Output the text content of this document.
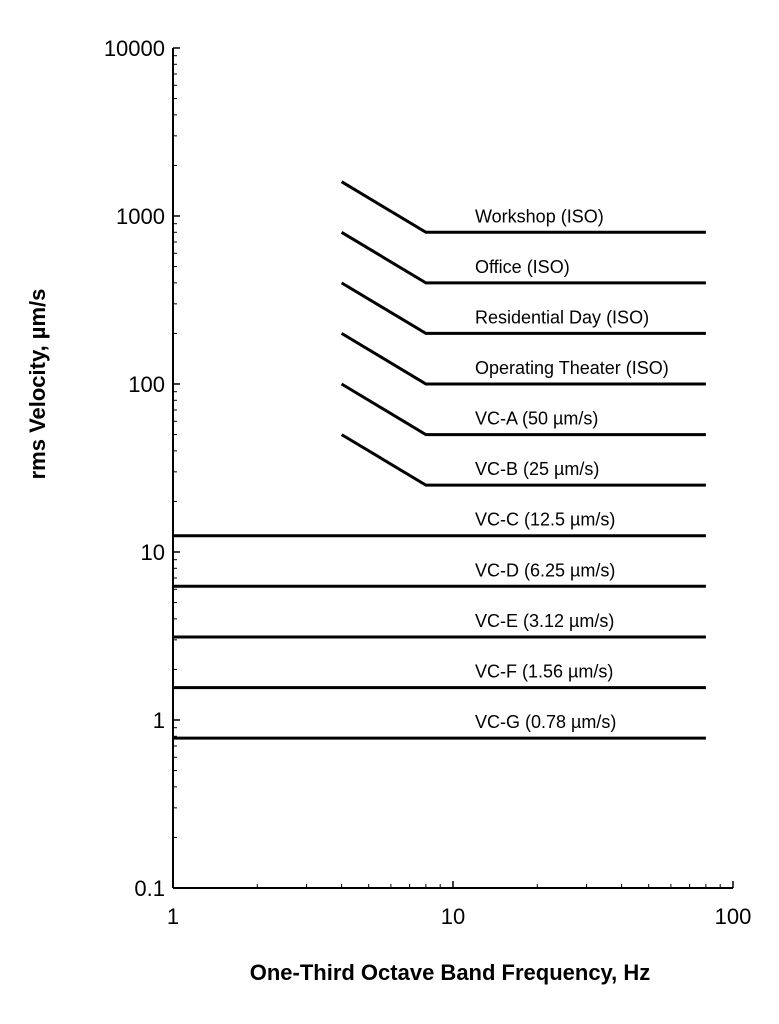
Workshop (ISO)
Office (ISO)
Residential Day (ISO)
Operating Theater (ISO)
VC-A (50 µm/s)
VC-B (25 µm/s)
VC-C (12.5 µm/s)
VC-D (6.25 µm/s)
VC-E (3.12 µm/s)
VC-F (1.56 µm/s)
VC-G (0.78 µm/s)
1	10	100
0.1
1
10
100
1000
10000
One-Third Octave Band Frequency, Hz
rms Velocity, µm/s
